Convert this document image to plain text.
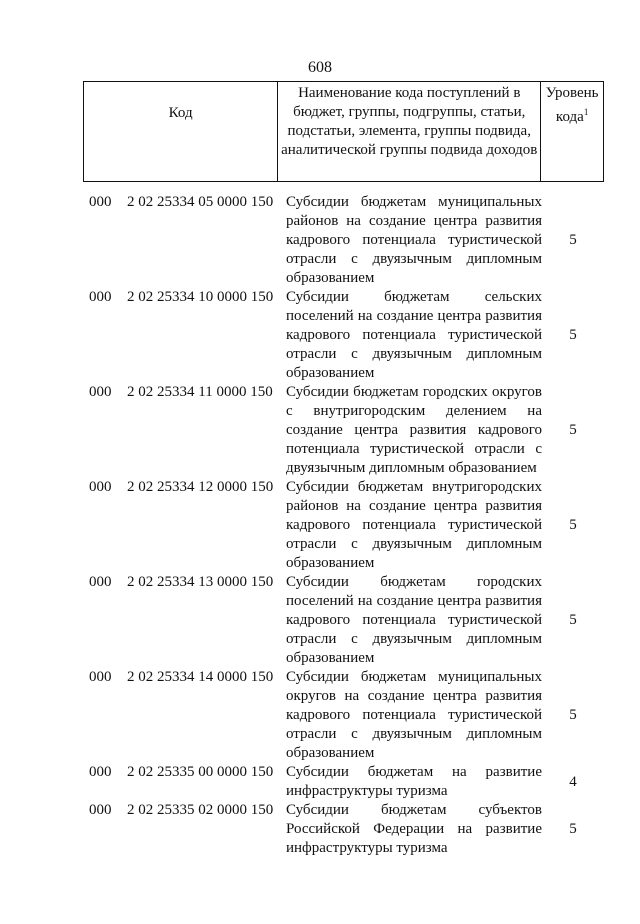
608
Код
Наименование кода поступлений в
бюджет, группы, подгруппы, статьи,
подстатьи, элемента, группы подвида,
аналитической группы подвида доходов
Уровень
кода$^1$
000	2 02 25334 05 0000 150 Субсидии бюджетам муниципальных районов на создание центра развития кадрового потенциала туристической отрасли с двуязычным дипломным образованием
5
000	2 02 25334 10 0000 150 Субсидии бюджетам сельских поселений на создание центра развития кадрового потенциала туристической отрасли с двуязычным дипломным образованием
5
000	2 02 25334 11 0000 150 Субсидии бюджетам городских округов с внутригородским делением на создание центра развития кадрового потенциала туристической отрасли с двуязычным дипломным образованием
5
000	2 02 25334 12 0000 150 Субсидии бюджетам внутригородских районов на создание центра развития кадрового потенциала туристической отрасли с двуязычным дипломным образованием
5
000	2 02 25334 13 0000 150 Субсидии бюджетам городских поселений на создание центра развития кадрового потенциала туристической отрасли с двуязычным дипломным образованием
5
000	2 02 25334 14 0000 150 Субсидии бюджетам муниципальных округов на создание центра развития кадрового потенциала туристической отрасли с двуязычным дипломным образованием
5
000	2 02 25335 00 0000 150 Субсидии бюджетам на развитие инфраструктуры туризма
4
000	2 02 25335 02 0000 150 Субсидии бюджетам субъектов Российской Федерации на развитие инфраструктуры туризма
5
